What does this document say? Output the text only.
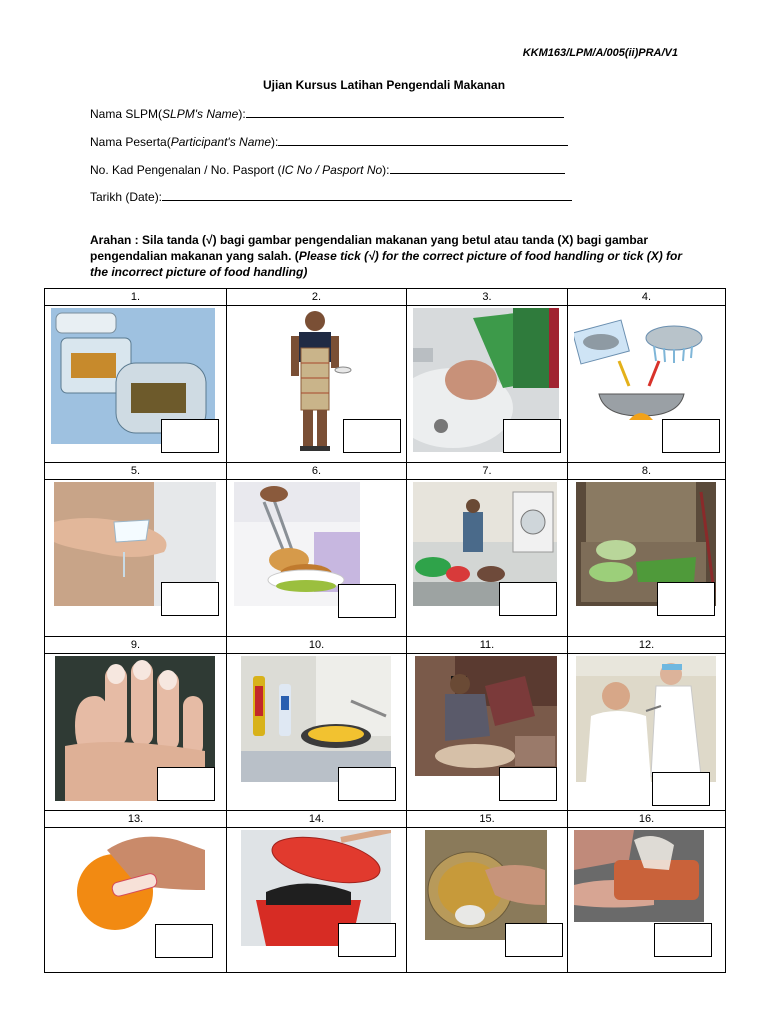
KKM163/LPM/A/005(ii)PRA/V1
Ujian Kursus Latihan Pengendali Makanan
Nama SLPM(SLPM's Name):
Nama Peserta(Participant's Name):
No. Kad Pengenalan / No. Pasport (IC No / Pasport No):
Tarikh (Date):
Arahan : Sila tanda (√) bagi gambar pengendalian makanan yang betul atau tanda (X) bagi gambar pengendalian makanan yang salah. (Please tick (√) for the correct picture of food handling or tick (X) for the incorrect picture of food handling)
1.	2.	3.	4.

5.	6.	7.	8.

9.	10.	11.	12.

13.	14.	15.	16.
